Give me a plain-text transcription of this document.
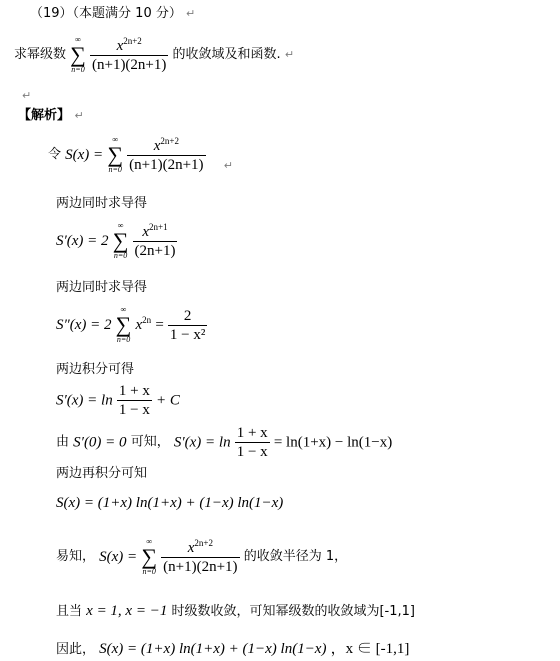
（19）（本题满分 10 分） ↵
求幂级数
∞
∑
n=0
$\frac{x^{2n+2}}{(n+1)(2n+1)}$ 的收敛域及和函数. ↵
↵
【解析】 ↵
令 S(x) =
∞
∑
n=0
$\frac{x^{2n+2}}{(n+1)(2n+1)}$ ↵
两边同时求导得
S′(x) = 2
∞
∑
n=0
$\frac{x^{2n+1}}{(2n+1)}$
两边同时求导得
S″(x) = 2
∞
∑
n=0
$x^{2n} = \frac{2}{\text{1 − x²}}$
两边积分可得
$S'(x) = \ln \frac{1 + x}{1 - x} + C$
由 S′(0) = 0 可知， $S'(x) = \ln \frac{1 + x}{1 - x} = \ln(1+x) - \ln(1-x)$
两边再积分可知
S(x) = (1+x) ln(1+x) + (1−x) ln(1−x)
易知， S(x) =
∞
∑
n=0
$\frac{x^{2n+2}}{(n+1)(2n+1)}$ 的收敛半径为 1，
且当 x = 1, x = −1 时级数收敛，可知幂级数的收敛域为[-1,1]
因此， S(x) = (1+x) ln(1+x) + (1−x) ln(1−x) ，x ∈ [-1,1]
